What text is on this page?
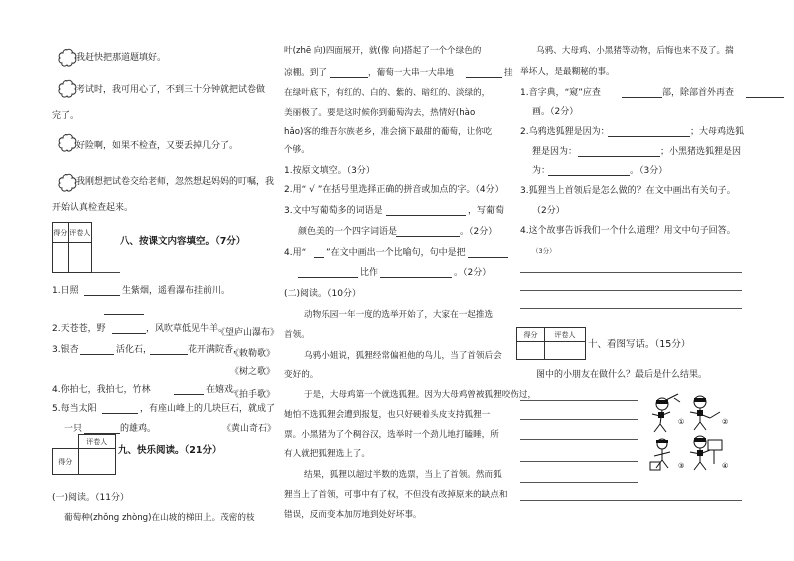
我赶快把那道题填好。
考试时，我可用心了，不到三十分钟就把试卷做
完了。
好险啊，如果不检查，又要丢掉几分了。
我刚想把试卷交给老师，忽然想起妈妈的叮嘱，我
开始认真检查起来。
得分	评卷人

八、按课文内容填空。（7分）
1.日照	生紫烟，遥看瀑布挂前川。
《望庐山瀑布》
2.天苍苍，野	，风吹草低见牛羊。
《敕勒歌》
3.银杏	活化石，	花开满院香，
《树之歌》
4.你拍七，我拍七，竹林	在嬉戏。
《拍手歌》
5.每当太阳	，有座山峰上的几块巨石，就成了
一只	的雄鸡。	《黄山奇石》
	评卷人
得分	
九、快乐阅读。（21分）
(一)阅读。（11分）
葡萄种(zhǒng zhòng)在山坡的梯田上。茂密的枝
叶(zhē 向)四面展开，就(像 向)搭起了一个个绿色的
凉棚。到了	，葡萄一大串一大串地	挂
在绿叶底下，有红的、白的、紫的、暗红的、淡绿的，
美丽极了。要是这时候你到葡萄沟去，热情好(hào
hǎo)客的维吾尔族老乡，准会摘下最甜的葡萄，让你吃
个够。
1.按原文填空。（3分）
2.用“ √ ”在括号里选择正确的拼音或加点的字。（4分）
3.文中写葡萄多的词语是	，写葡萄
颜色美的一个四字词语是	。（2分）
4.用“ ”在文中画出一个比喻句，句中是把
比作	。（2分）
(二)阅读。（10分）
动物乐园一年一度的选举开始了，大家在一起推选
首领。
乌鸦小姐说，狐狸经常偏袒他的鸟儿，当了首领后会
变好的。
于是，大母鸡第一个就选狐狸。因为大母鸡曾被狐狸咬伤过，
她怕不选狐狸会遭到报复，也只好硬着头皮支持狐狸一
票。小黑猪为了个稠谷汉，选举时一个劲儿地打瞌睡，所
有人就把狐狸选上了。
结果，狐狸以超过半数的选票，当上了首领。然而狐
狸当上了首领，可事中有了权，不但没有改掉原来的缺点和
错误，反而变本加厉地到处好坏事。
乌鸦、大母鸡、小黑猪等动物，后悔也来不及了。揣
举坏人，是最糊秘的事。
1.音字典，“窥”应查	部，除部首外再查
画。（2分）
2.乌鸦选狐狸是因为：	；大母鸡选狐
狸是因为：	；小黑猪选狐狸是因
为：	。（3分）
3.狐狸当上首领后是怎么做的？在文中画出有关句子。
（2分）
4.这个故事告诉我们一个什么道理？用文中句子回答。
（3分）
得分	评卷人

十、看图写话。（15分）
图中的小朋友在做什么？最后是什么结果。
①	②
③	④
